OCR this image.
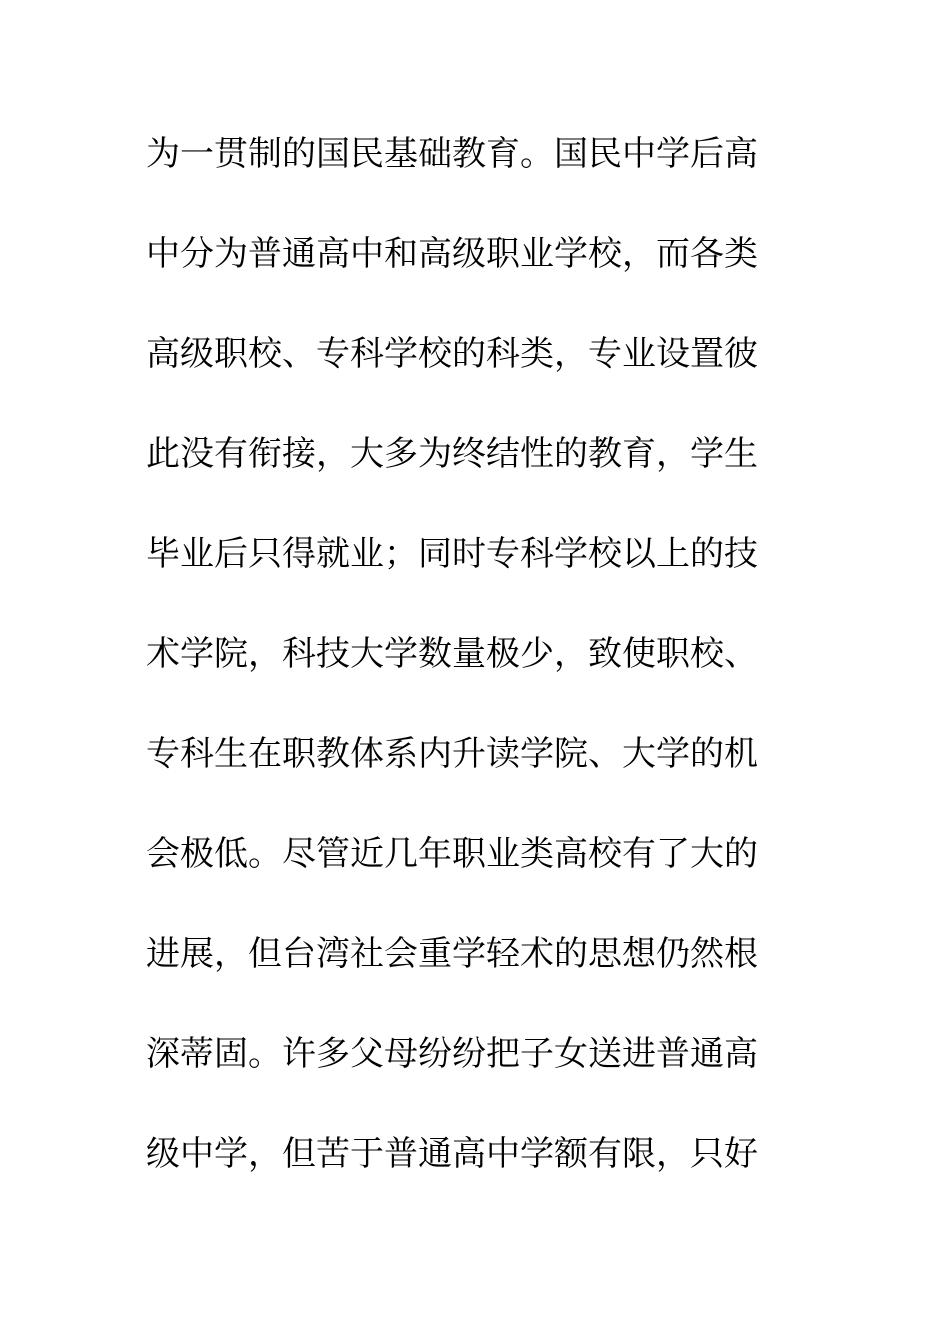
为一贯制的国民基础教育。国民中学后高
中分为普通高中和高级职业学校，而各类
高级职校、专科学校的科类，专业设置彼
此没有衔接，大多为终结性的教育，学生
毕业后只得就业；同时专科学校以上的技
术学院，科技大学数量极少，致使职校、
专科生在职教体系内升读学院、大学的机
会极低。尽管近几年职业类高校有了大的
进展，但台湾社会重学轻术的思想仍然根
深蒂固。许多父母纷纷把子女送进普通高
级中学，但苦于普通高中学额有限，只好
